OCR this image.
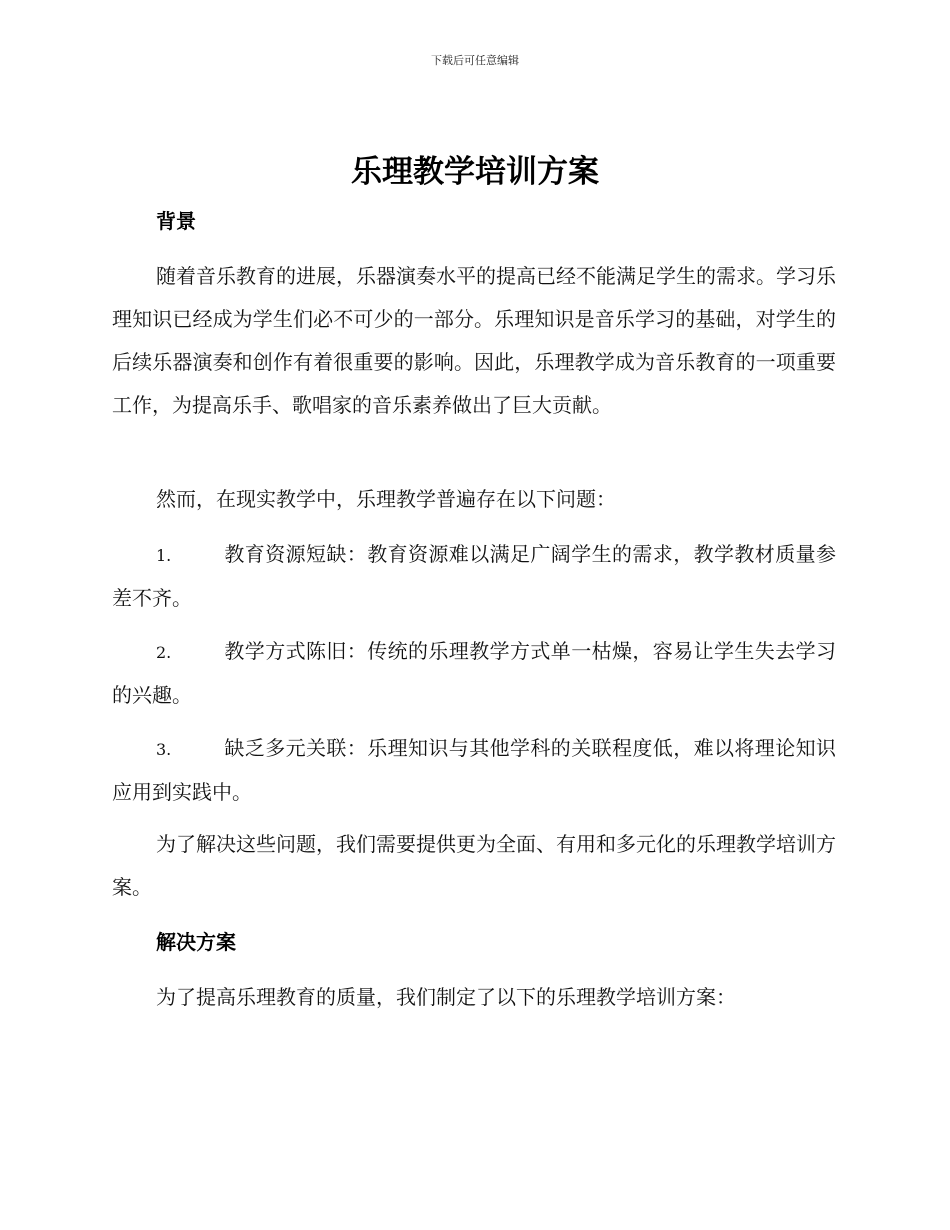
下载后可任意编辑
乐理教学培训方案
背景

随着音乐教育的进展，乐器演奏水平的提高已经不能满足学生的需求。学习乐理知识已经成为学生们必不可少的一部分。乐理知识是音乐学习的基础，对学生的后续乐器演奏和创作有着很重要的影响。因此，乐理教学成为音乐教育的一项重要工作，为提高乐手、歌唱家的音乐素养做出了巨大贡献。

然而，在现实教学中，乐理教学普遍存在以下问题：

1.	教育资源短缺：教育资源难以满足广阔学生的需求，教学教材质量参差不齐。

2.	教学方式陈旧：传统的乐理教学方式单一枯燥，容易让学生失去学习的兴趣。

3.	缺乏多元关联：乐理知识与其他学科的关联程度低，难以将理论知识应用到实践中。

为了解决这些问题，我们需要提供更为全面、有用和多元化的乐理教学培训方案。

解决方案

为了提高乐理教育的质量，我们制定了以下的乐理教学培训方案：
